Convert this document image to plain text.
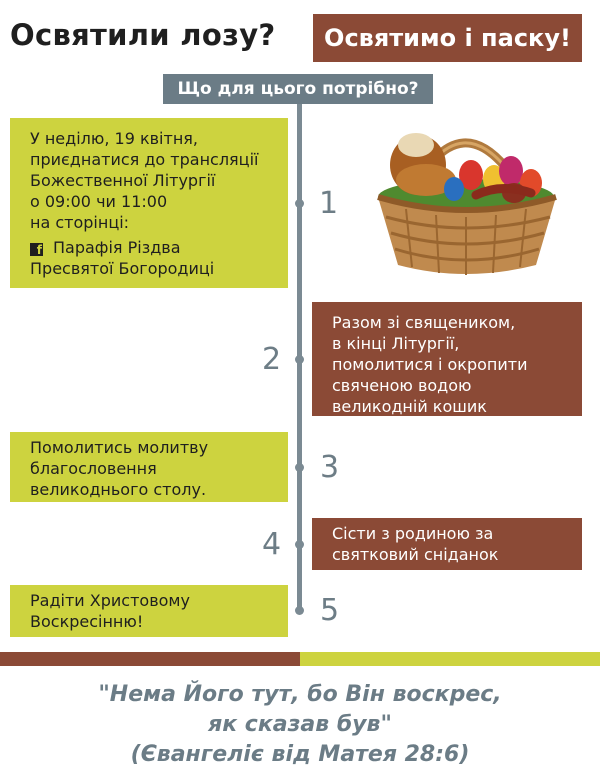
Освятили лозу? Освятимо і паску!
Що для цього потрібно?
1
2
3
4
5
У неділю, 19 квітня,
приєднатися до трансляції
Божественної Літургії
о 09:00 чи 11:00
на сторінці:
f Парафія Різдва
Пресвятої Богородиці
Разом зі священиком,
в кінці Літургії,
помолитися і окропити
свяченою водою
великодній кошик
Помолитись молитву
благословення
великоднього столу.
Сісти з родиною за
святковий сніданок
Радіти Христовому
Воскресінню!
"Нема Його тут, бо Він воскрес,
як сказав був"
(Євангеліє від Матея 28:6)
